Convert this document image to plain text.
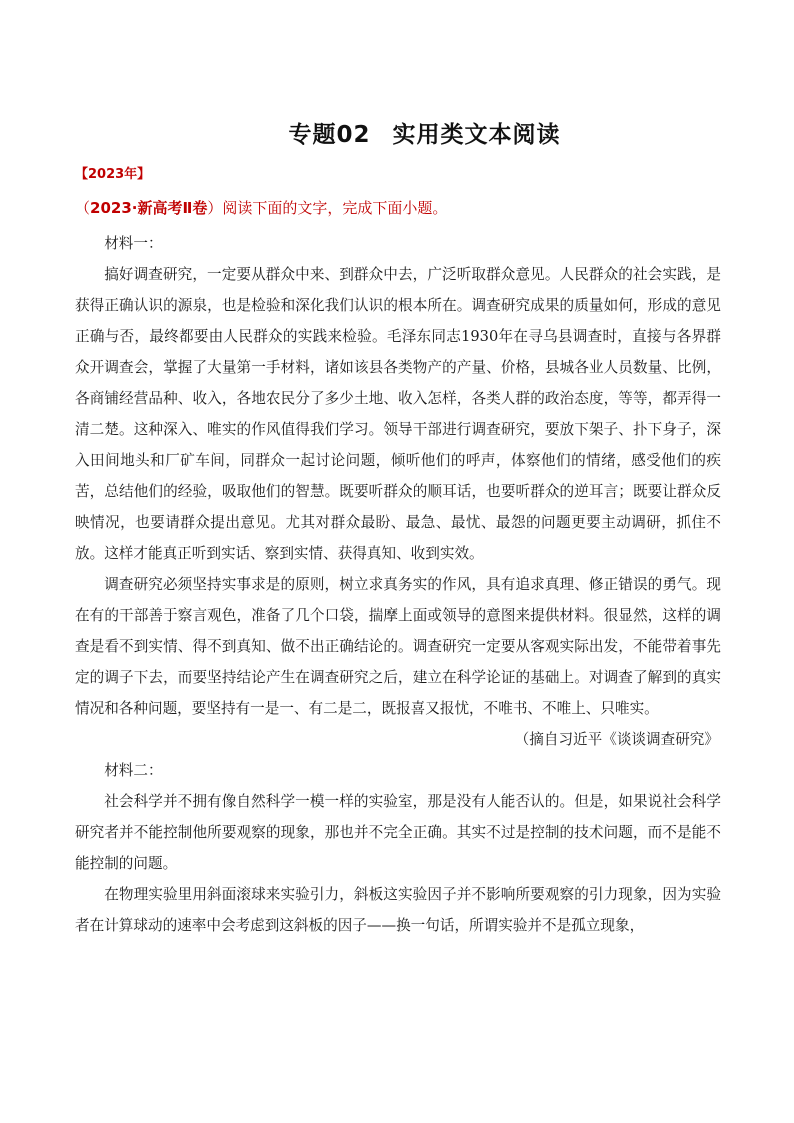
专题02 实用类文本阅读
【2023年】
（2023·新高考Ⅱ卷）阅读下面的文字，完成下面小题。

材料一：

搞好调查研究，一定要从群众中来、到群众中去，广泛听取群众意见。人民群众的社会实践，是获得正确认识的源泉，也是检验和深化我们认识的根本所在。调查研究成果的质量如何，形成的意见正确与否，最终都要由人民群众的实践来检验。毛泽东同志1930年在寻乌县调查时，直接与各界群众开调查会，掌握了大量第一手材料，诸如该县各类物产的产量、价格，县城各业人员数量、比例，各商铺经营品种、收入，各地农民分了多少土地、收入怎样，各类人群的政治态度，等等，都弄得一清二楚。这种深入、唯实的作风值得我们学习。领导干部进行调查研究，要放下架子、扑下身子，深入田间地头和厂矿车间，同群众一起讨论问题，倾听他们的呼声，体察他们的情绪，感受他们的疾苦，总结他们的经验，吸取他们的智慧。既要听群众的顺耳话，也要听群众的逆耳言；既要让群众反映情况，也要请群众提出意见。尤其对群众最盼、最急、最忧、最怨的问题更要主动调研，抓住不放。这样才能真正听到实话、察到实情、获得真知、收到实效。

调查研究必须坚持实事求是的原则，树立求真务实的作风，具有追求真理、修正错误的勇气。现在有的干部善于察言观色，准备了几个口袋，揣摩上面或领导的意图来提供材料。很显然，这样的调查是看不到实情、得不到真知、做不出正确结论的。调查研究一定要从客观实际出发，不能带着事先定的调子下去，而要坚持结论产生在调查研究之后，建立在科学论证的基础上。对调查了解到的真实情况和各种问题，要坚持有一是一、有二是二，既报喜又报忧，不唯书、不唯上、只唯实。

（摘自习近平《谈谈调查研究》

材料二：

社会科学并不拥有像自然科学一模一样的实验室，那是没有人能否认的。但是，如果说社会科学研究者并不能控制他所要观察的现象，那也并不完全正确。其实不过是控制的技术问题，而不是能不能控制的问题。

在物理实验里用斜面滚球来实验引力，斜板这实验因子并不影响所要观察的引力现象，因为实验者在计算球动的速率中会考虑到这斜板的因子——换一句话，所谓实验并不是孤立现象，
